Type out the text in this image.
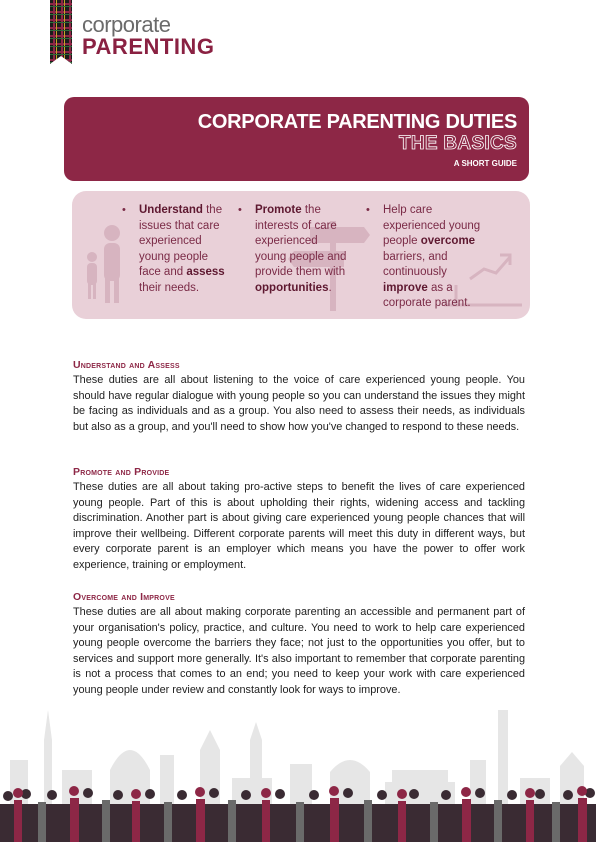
corporate
PARENTING
CORPORATE PARENTING DUTIES
THE BASICS
A SHORT GUIDE
• Understand the issues that care experienced young people face and assess their needs.
• Promote the interests of care experienced young people and provide them with opportunities.
• Help care experienced young people overcome barriers, and continuously improve as a corporate parent.
Understand and Assess

These duties are all about listening to the voice of care experienced young people. You should have regular dialogue with young people so you can understand the issues they might be facing as individuals and as a group. You also need to assess their needs, as individuals but also as a group, and you'll need to show how you've changed to respond to these needs.

Promote and Provide

These duties are all about taking pro-active steps to benefit the lives of care experienced young people. Part of this is about upholding their rights, widening access and tackling discrimination. Another part is about giving care experienced young people chances that will improve their wellbeing. Different corporate parents will meet this duty in different ways, but every corporate parent is an employer which means you have the power to offer work experience, training or employment.

Overcome and Improve

These duties are all about making corporate parenting an accessible and permanent part of your organisation's policy, practice, and culture. You need to work to help care experienced young people overcome the barriers they face; not just to the opportunities you offer, but to services and support more generally. It's also important to remember that corporate parenting is not a process that comes to an end; you need to keep your work with care experienced young people under review and constantly look for ways to improve.
